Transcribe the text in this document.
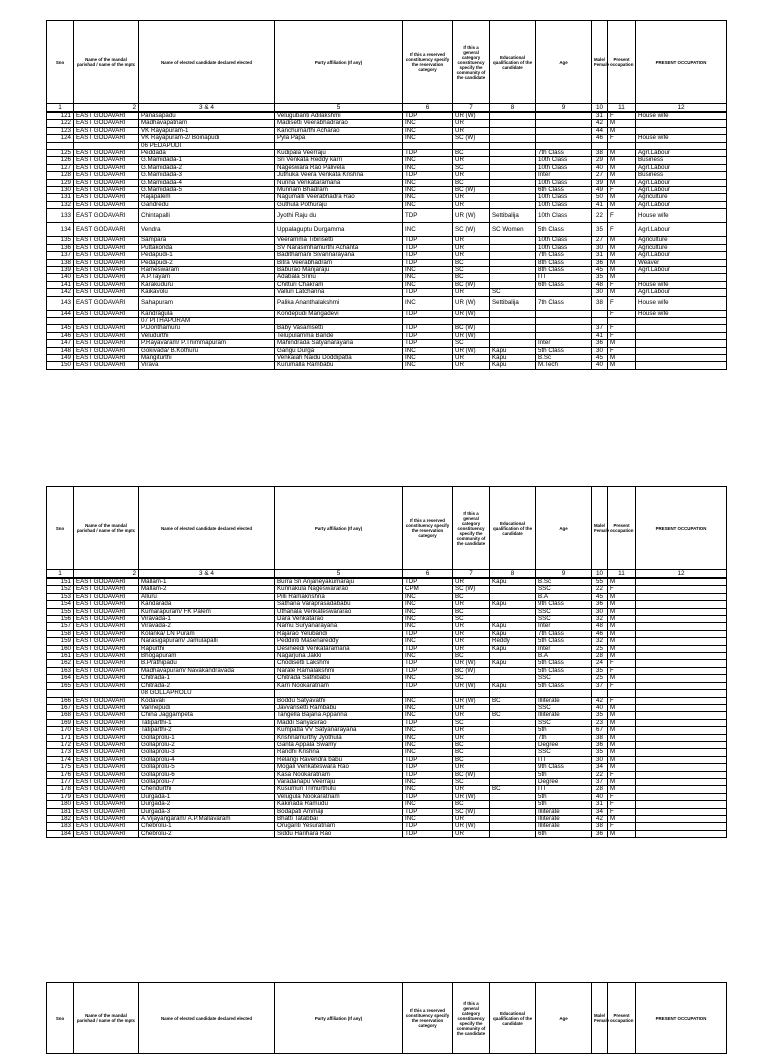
Sno	Name of the mandal parishad / name of the mptc	Name of elected candidate declared elected	Party affiliation (If any)	If this a reserved constituency specify the reservation category	If this a general category constituency specify the community of the candidate	Educational qualification of the candidate	Age	Male/ Female	Present occupation	PRESENT OCCUPATION
1	2	3 & 4	5	6	7	8	9	10	11	12
121	EAST GODAVARI	Panasapadu	Velugubanti Adilakshmi	TDP	UR (W)			31	F	House wife
122	EAST GODAVARI	Madhavapatnam	Madisetti Veerabhadrarao	INC	UR			42	M	
123	EAST GODAVARI	VK Rayapuram-1	Kanchumarthi Acharao	INC	UR			44	M	
124	EAST GODAVARI	VK Rayapuram-2/ Boinapudi	Pyla Papa	INC	SC (W)			46	F	House wife
		06 PEDAPUDI								
125	EAST GODAVARI	Peddada	Kudipala Veerraju	TDP	BC		7th Class	38	M	Agrl.Labour
126	EAST GODAVARI	G.Mamidada-1	Sri Venkata Reddy karri	INC	UR		10th Class	29	M	Business
127	EAST GODAVARI	G.Mamidada-2	Nageswara Rao Palivela	INC	SC		10th Class	40	M	Agrl.Labour
128	EAST GODAVARI	G.Mamidada-3	Juthuka Veera Venkata Krishna	TDP	UR		Inter	27	M	Business
129	EAST GODAVARI	G.Mamidada-4	Nunna Venkataramana	INC	BC		10th Class	39	M	Agrl.Labour
130	EAST GODAVARI	G.Mamidada-5	Munnam Bhadram	INC	BC (W)		6th Class	49	F	Agrl.Labour
131	EAST GODAVARI	Rajapalem	Nagumalli Veerabhadra Rao	INC	UR		10th Class	50	M	Agriculture
132	EAST GODAVARI	Gandredu	Guthula Pothuraju	INC	UR		10th Class	41	M	Agrl.Labour
133	EAST GODAVARI	Chintapalli	Jyothi Raju du	TDP	UR (W)	Settibalija	10th Class	22	F	House wife
134	EAST GODAVARI	Vendra	Uppalaguptu Durgamma	INC	SC (W)	SC Women	5th Class	35	F	Agrl.Labour
135	EAST GODAVARI	Sampara	Veeramma Tibirisetti	TDP	UR		10th Class	27	M	Agriculture
136	EAST GODAVARI	Puttakonda	SV Narasimhamurthi Achanta	TDP	UR		10th Class	30	M	Agriculture
137	EAST GODAVARI	Pedapudi-1	Badithamani Sivannarayana	TDP	UR		7th Class	31	M	Agrl.Labour
138	EAST GODAVARI	Pedapudi-2	Bitra Veerabhadram	TDP	BC		8th Class	36	M	Weaver
139	EAST GODAVARI	Rameswaram	Baburao Manjaraju	INC	SC		8th Class	45	M	Agrl.Labour
140	EAST GODAVARI	A.P.Tayam	Adabala Srinu	INC	BC		ITI	35	M	
141	EAST GODAVARI	Karakuduru	Chitturi Chakram	INC	BC (W)		6th Class	48	F	House wife
142	EAST GODAVARI	Kaikavolu	Valluri Latchanna	TDP	UR	SC		30	M	Agrl.Labour
143	EAST GODAVARI	Sahapuram	Palika Ananthalakshmi	INC	UR (W)	Settibalija	7th Class	38	F	House wife
144	EAST GODAVARI	Kandragula	Kondepudi Mangadevi	TDP	UR (W)				F	House wife
		07 PITHAPURAM								
145	EAST GODAVARI	P.Donthamuru	Baby Vasamsetti	TDP	BC (W)			37	F	
146	EAST GODAVARI	Veludurthi	Telupulamma Bande	TDP	UR (W)			41	F	
147	EAST GODAVARI	P.Rayavaram/ P.Thimmapuram	Mahindrada Satyanarayana	TDP	SC		Inter	36	M	
148	EAST GODAVARI	Gokivada/ B.Kothuru	Gangu Durga	INC	UR (W)	Kapu	5th Class	30	F	
149	EAST GODAVARI	Mangiturthi	Venkaiah Naidu Doddipatla	INC	UR	Kapu	B.Sc	45	M	
150	EAST GODAVARI	Virava	Kurumalla Rambabu	INC	UR	Kapu	M.Tech	40	M	
Sno	Name of the mandal parishad / name of the mptc	Name of elected candidate declared elected	Party affiliation (If any)	If this a reserved constituency specify the reservation category	If this a general category constituency specify the community of the candidate	Educational qualification of the candidate	Age	Male/ Female	Present occupation	PRESENT OCCUPATION
1	2	3 & 4	5	6	7	8	9	10	11	12
151	EAST GODAVARI	Mallam-1	Burra Sri Anjaneyakumaraju	TDP	UR	Kapu	B.Sc	55	M	
152	EAST GODAVARI	Mallam-2	Kunnakula Nageswararao	CPM	SC (W)		SSC	22	F	
153	EAST GODAVARI	Alluru	Pilli Ramakrishna	INC	BC		B.A	45	M	
154	EAST GODAVARI	Kandarada	Sathana Varaprasadababu	INC	UR	Kapu	9th Class	36	M	
155	EAST GODAVARI	Kumarapuram/ FK Palem	Uthanala Venkateswararao	INC	BC		SSC	30	M	
156	EAST GODAVARI	Viravada-1	Dara Venkatarao	INC	SC		SSC	32	M	
157	EAST GODAVARI	Viravada-2	Namu Suryanarayana	INC	UR	Kapu	Inter	48	M	
158	EAST GODAVARI	Kolanka/ LN Puram	Rajarao Yelubandi	TDP	UR	Kapu	7th Class	46	M	
159	EAST GODAVARI	Narasigapuram/ Jamulapalli	Peddinti Masenareddy	INC	UR	Reddy	5th Class	32	M	
160	EAST GODAVARI	Rapurthi	Desineedi Venkataramana	TDP	UR	Kapu	Inter	25	M	
161	EAST GODAVARI	Bhogapuram	Nagarjuna Jakki	INC	BC		B.A	28	M	
162	EAST GODAVARI	B.Prathipadu	Chodisetti Lakshmi	TDP	UR (W)	Kapu	5th Class	24	F	
163	EAST GODAVARI	Madhavapuram/ Navakandravada	Narale Ramalakshmi	TDP	BC (W)		5th Class	35	F	
164	EAST GODAVARI	Chitrada-1	Chitrada Sathibabu	INC	SC		SSC	25	M	
165	EAST GODAVARI	Chitrada-2	Karri Nookaratnam	TDP	UR (W)	Kapu	5th Class	37	F	
		08 GOLLAPROLU								
166	EAST GODAVARI	Kodavali	Boddu Satyavathi	INC	UR (W)	BC	Illiterate	42	F	
167	EAST GODAVARI	Vannepudi	Javvarisetti Rambabu	INC	UR		SSC	40	M	
168	EAST GODAVARI	China Jaggampeta	Tangella Bajana Appanna	INC	UR	BC	Illiterate	35	M	
169	EAST GODAVARI	Tatiparthi-1	Maddi Sanyasirao	TDP	SC		SSC	23	M	
170	EAST GODAVARI	Tatiparthi-2	Kumpatla VV Satyanarayana	INC	UR		5th	67	M	
171	EAST GODAVARI	Gollaprolu-1	Krishnamurthy Jyothula	INC	UR		7th	38	M	
172	EAST GODAVARI	Gollaprolu-2	Ganta Appala Swamy	INC	BC		Degree	36	M	
173	EAST GODAVARI	Gollaprolu-3	Randhi Krishna	INC	BC		SSC	35	M	
174	EAST GODAVARI	Gollaprolu-4	Relangi Ravendra babu	TDP	BC		ITI	30	M	
175	EAST GODAVARI	Gollaprolu-5	Mogali Venkateswara Rao	TDP	UR		9th Class	34	M	
176	EAST GODAVARI	Gollaprolu-6	Kasa Nookaratnam	TDP	BC (W)		5th	22	F	
177	EAST GODAVARI	Gollaprolu-7	Varadanapu Veerraju	INC	SC		Degree	37	M	
178	EAST GODAVARI	Chendurthi	Kusumuri Trimurthulu	INC	UR	BC	ITI	28	M	
179	EAST GODAVARI	Durgada-1	Velugula Nookaratnam	TDP	UR (W)		5th	40	F	
180	EAST GODAVARI	Durgada-2	Kakinada Ramudu	INC	BC		5th	31	F	
181	EAST GODAVARI	Durgada-3	Bodapati Ammaji	TDP	SC (W)		Illiterate	34	F	
182	EAST GODAVARI	A.Vijayangaram/ A.P.Mallavaram	Bhatti Tatabbai	INC	UR		Illiterate	42	M	
183	EAST GODAVARI	Chebrolu-1	Oruganti Yesuratnam	TDP	UR (W)		Illiterate	38	F	
184	EAST GODAVARI	Chebrolu-2	Siddu Harihara Rao	TDP	UR		6th	36	M	
Sno	Name of the mandal parishad / name of the mptc	Name of elected candidate declared elected	Party affiliation (If any)	If this a reserved constituency specify the reservation category	If this a general category constituency specify the community of the candidate	Educational qualification of the candidate	Age	Male/ Female	Present occupation	PRESENT OCCUPATION
